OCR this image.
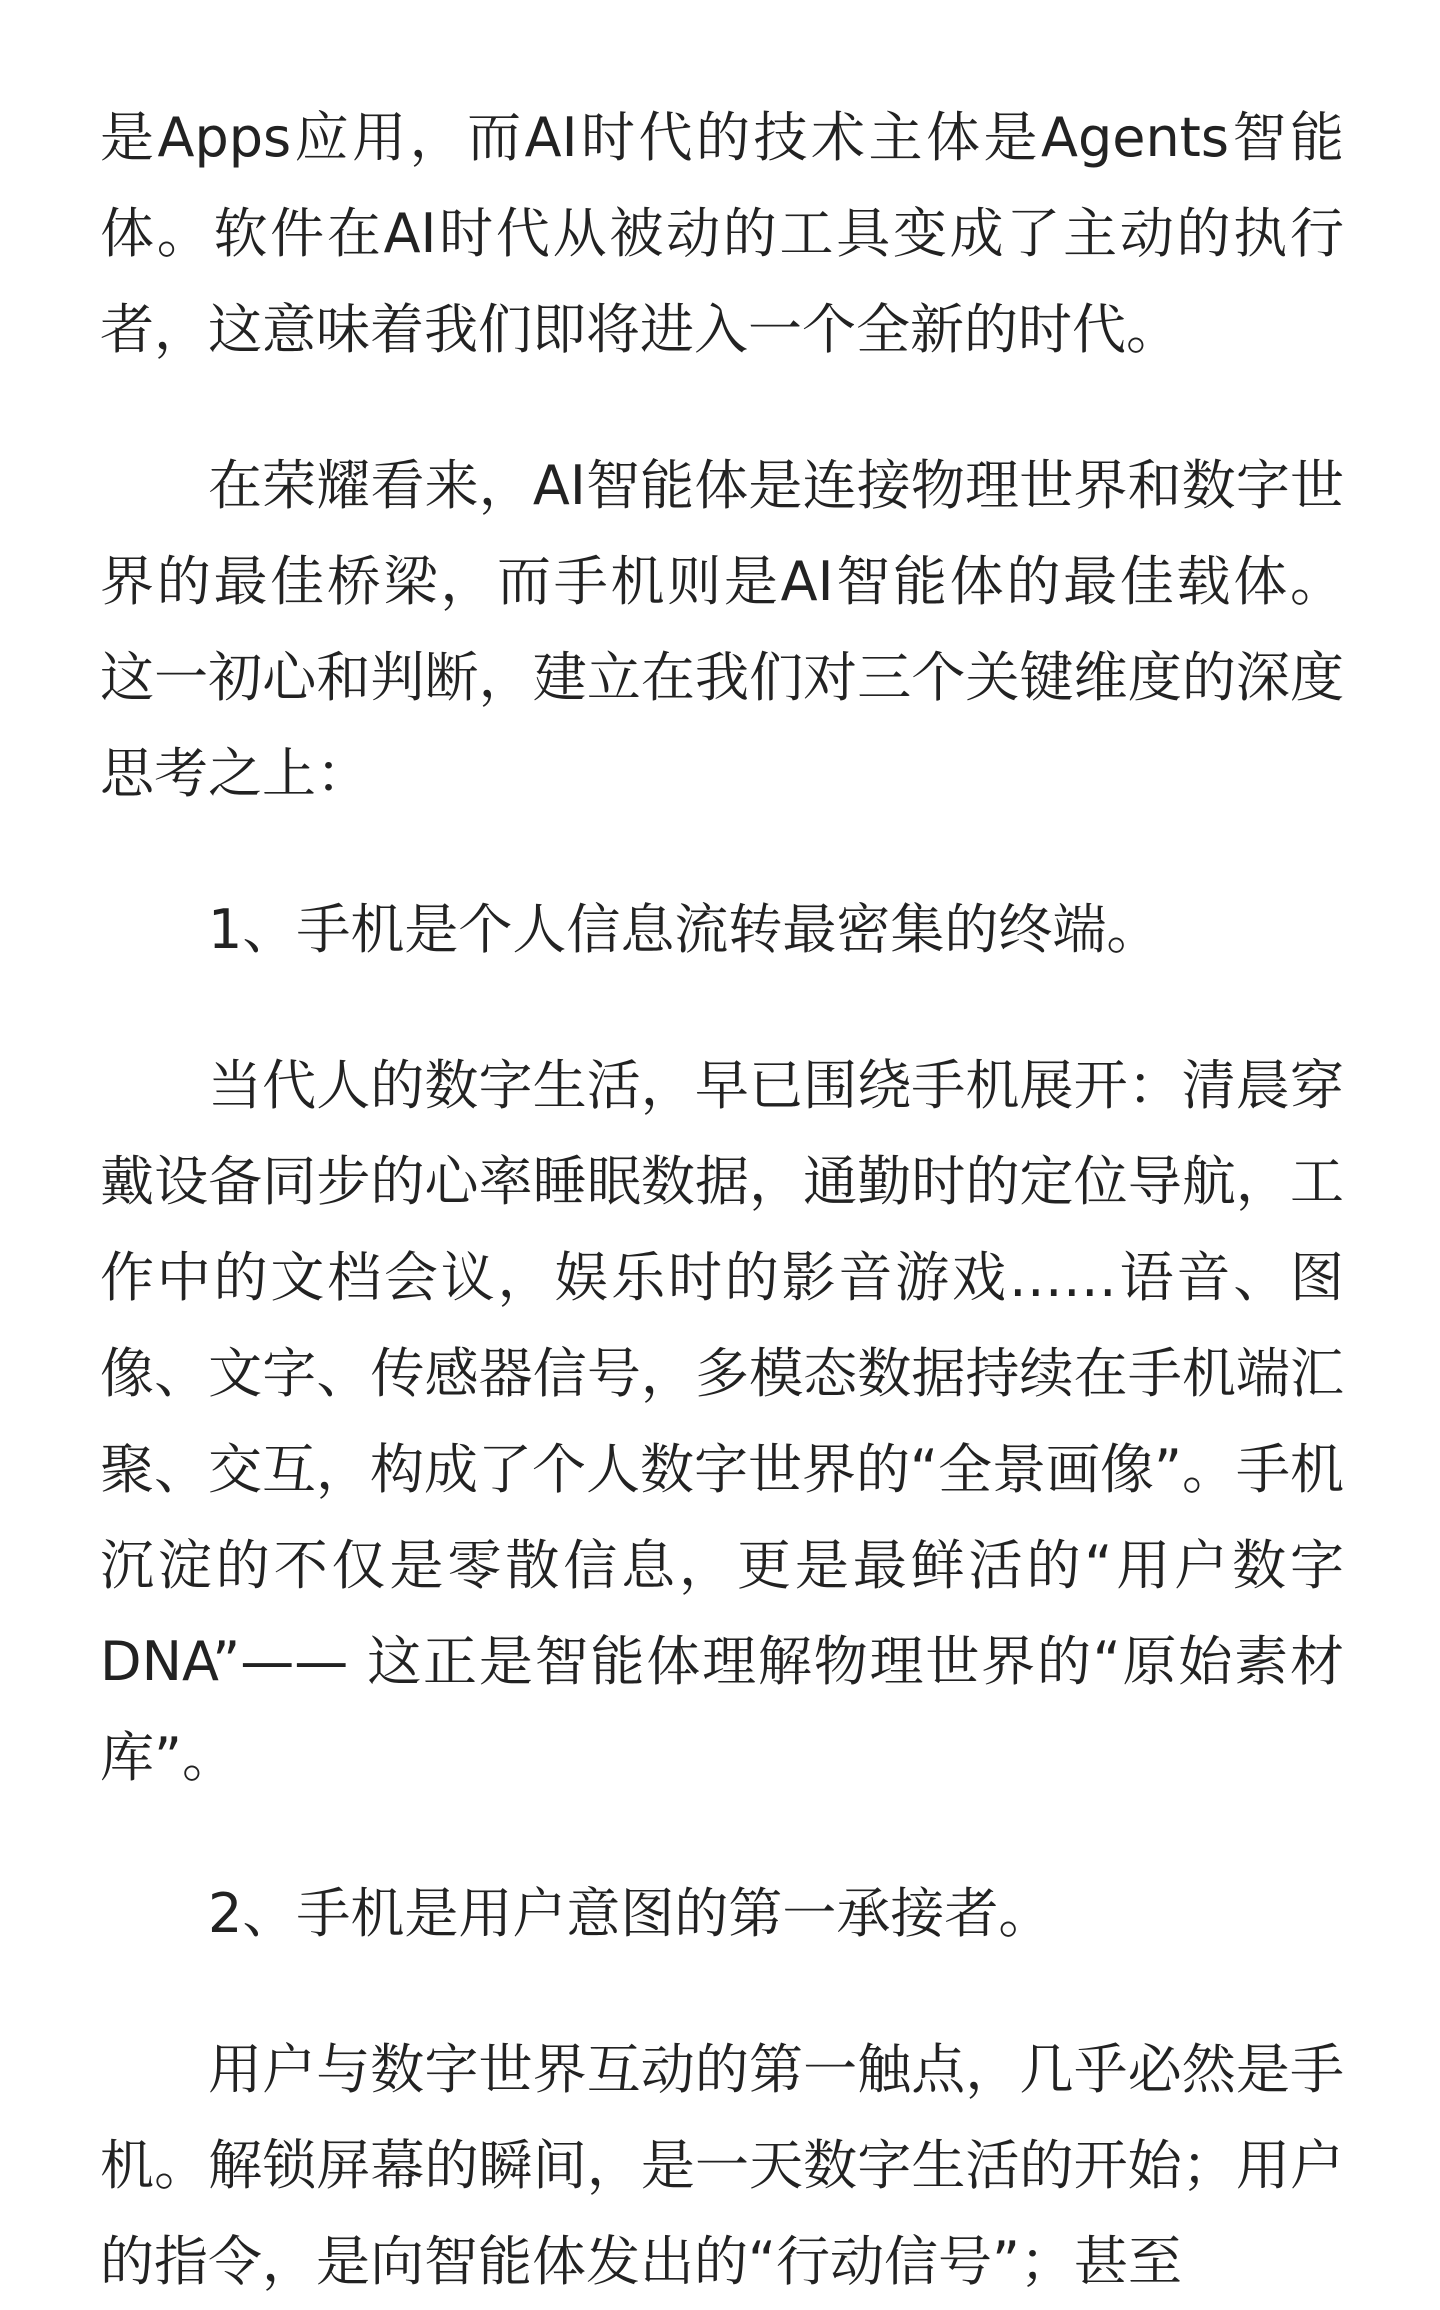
是Apps应用，而AI时代的技术主体是Agents智能体。软件在AI时代从被动的工具变成了主动的执行者，这意味着我们即将进入一个全新的时代。

在荣耀看来，AI智能体是连接物理世界和数字世界的最佳桥梁，而手机则是AI智能体的最佳载体。 这一初心和判断，建立在我们对三个关键维度的深度思考之上：

1、手机是个人信息流转最密集的终端。

当代人的数字生活，早已围绕手机展开：清晨穿戴设备同步的心率睡眠数据，通勤时的定位导航，工作中的文档会议，娱乐时的影音游戏……语音、图像、文字、传感器信号，多模态数据持续在手机端汇聚、交互，构成了个人数字世界的“全景画像”。手机沉淀的不仅是零散信息，更是最鲜活的“用户数字 DNA”—— 这正是智能体理解物理世界的“原始素材库”。

2、手机是用户意图的第一承接者。

用户与数字世界互动的第一触点，几乎必然是手机。解锁屏幕的瞬间，是一天数字生活的开始；用户的指令，是向智能体发出的“行动信号”；甚至
